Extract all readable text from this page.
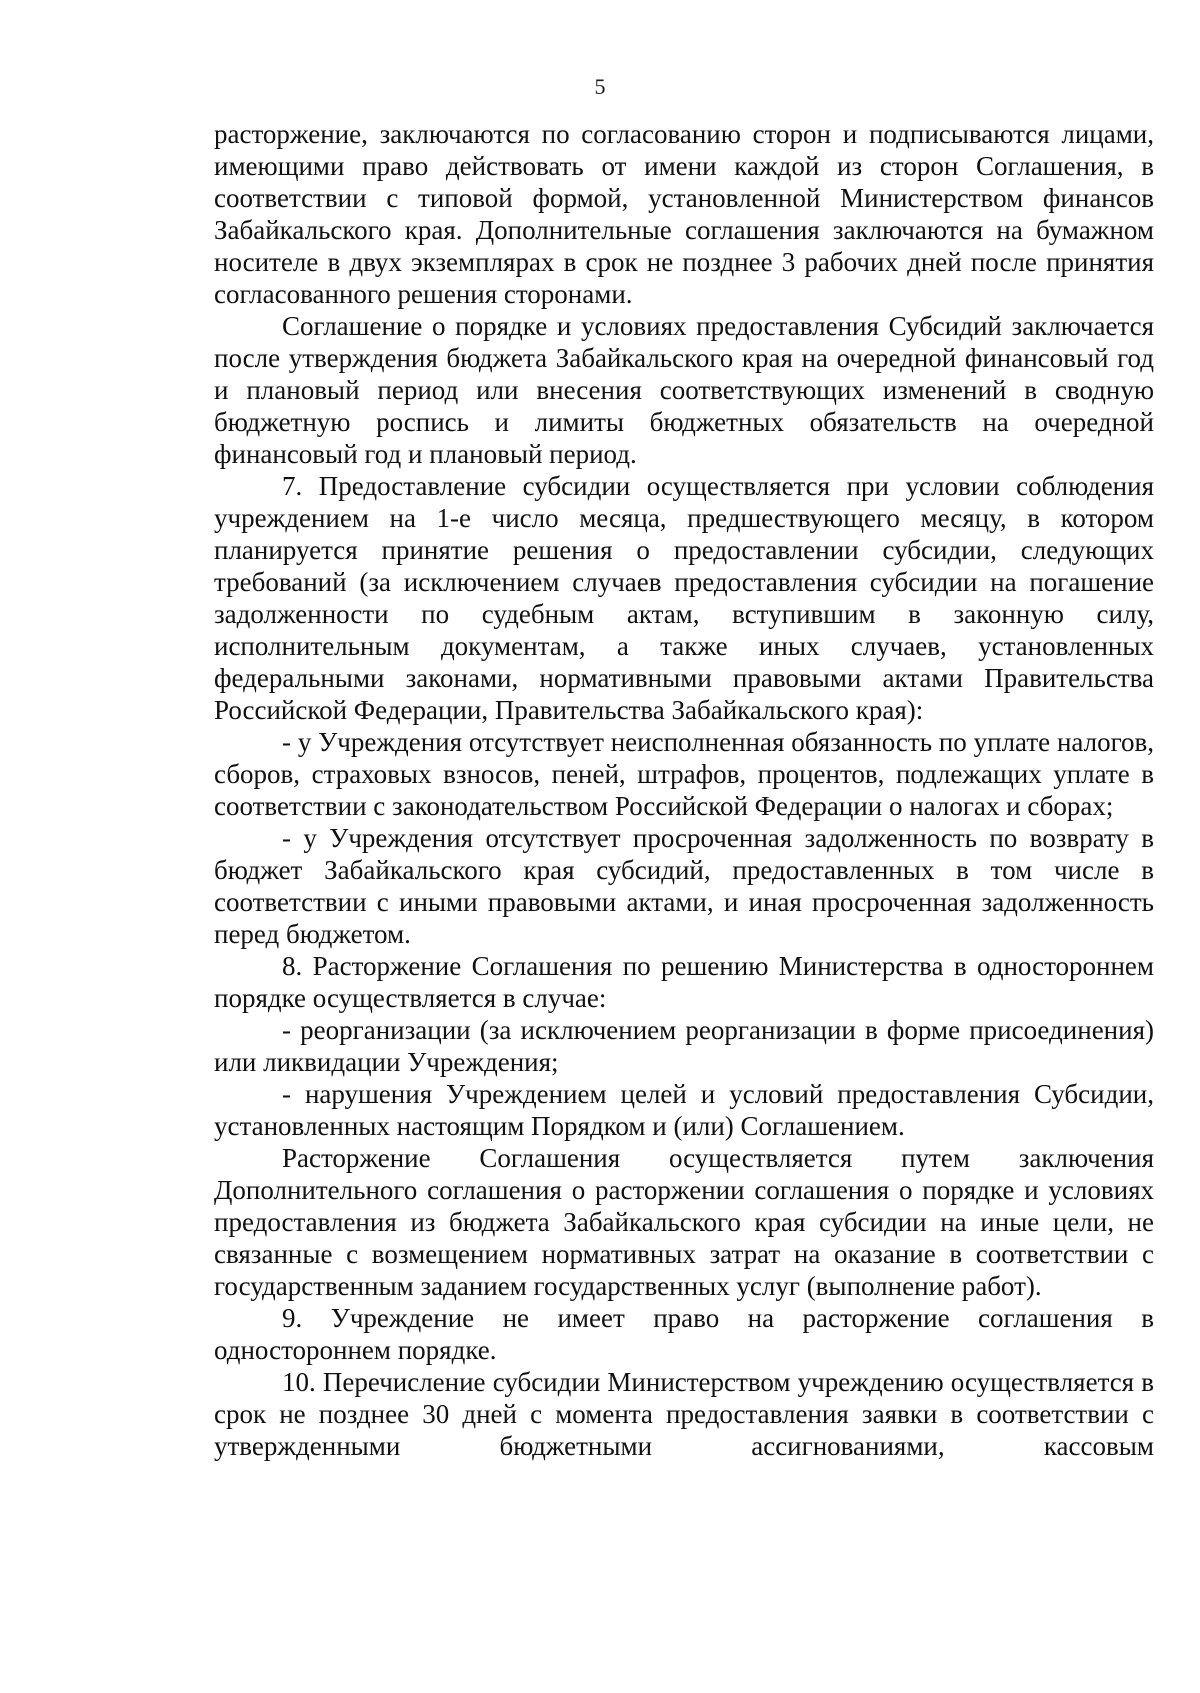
5

расторжение, заключаются по согласованию сторон и подписываются лицами, имеющими право действовать от имени каждой из сторон Соглашения, в соответствии с типовой формой, установленной Министерством финансов Забайкальского края. Дополнительные соглашения заключаются на бумажном носителе в двух экземплярах в срок не позднее 3 рабочих дней после принятия согласованного решения сторонами.

Соглашение о порядке и условиях предоставления Субсидий заключается после утверждения бюджета Забайкальского края на очередной финансовый год и плановый период или внесения соответствующих изменений в сводную бюджетную роспись и лимиты бюджетных обязательств на очередной финансовый год и плановый период.

7. Предоставление субсидии осуществляется при условии соблюдения учреждением на 1-е число месяца, предшествующего месяцу, в котором планируется принятие решения о предоставлении субсидии, следующих требований (за исключением случаев предоставления субсидии на погашение задолженности по судебным актам, вступившим в законную силу, исполнительным документам, а также иных случаев, установленных федеральными законами, нормативными правовыми актами Правительства Российской Федерации, Правительства Забайкальского края):

- у Учреждения отсутствует неисполненная обязанность по уплате налогов, сборов, страховых взносов, пеней, штрафов, процентов, подлежащих уплате в соответствии с законодательством Российской Федерации о налогах и сборах;

- у Учреждения отсутствует просроченная задолженность по возврату в бюджет Забайкальского края субсидий, предоставленных в том числе в соответствии с иными правовыми актами, и иная просроченная задолженность перед бюджетом.

8. Расторжение Соглашения по решению Министерства в одностороннем порядке осуществляется в случае:

- реорганизации (за исключением реорганизации в форме присоединения) или ликвидации Учреждения;

- нарушения Учреждением целей и условий предоставления Субсидии, установленных настоящим Порядком и (или) Соглашением.

Расторжение Соглашения осуществляется путем заключения Дополнительного соглашения о расторжении соглашения о порядке и условиях предоставления из бюджета Забайкальского края субсидии на иные цели, не связанные с возмещением нормативных затрат на оказание в соответствии с государственным заданием государственных услуг (выполнение работ).

9. Учреждение не имеет право на расторжение соглашения в одностороннем порядке.

10. Перечисление субсидии Министерством учреждению осуществляется в срок не позднее 30 дней с момента предоставления заявки в соответствии с утвержденными бюджетными ассигнованиями, кассовым
